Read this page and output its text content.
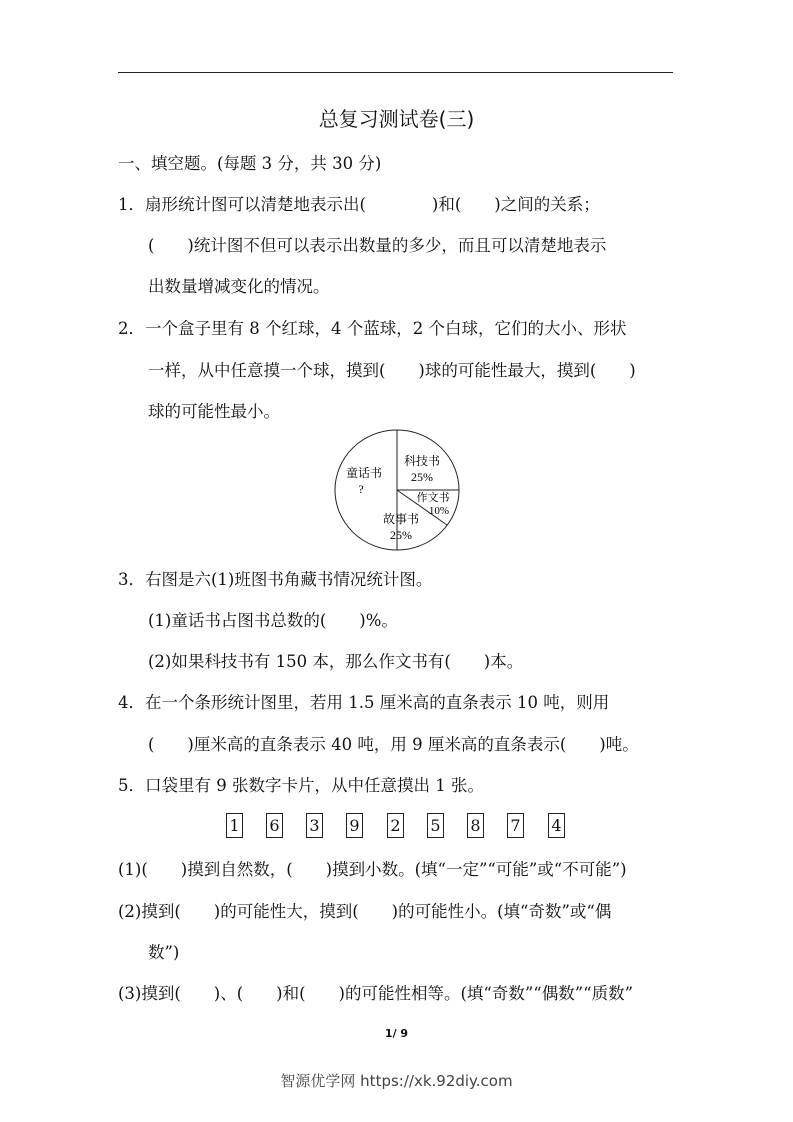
总复习测试卷(三)
一、填空题。(每题 3 分，共 30 分)
1．扇形统计图可以清楚地表示出(　　　　)和(　　)之间的关系；
(　　)统计图不但可以表示出数量的多少，而且可以清楚地表示
出数量增减变化的情况。
2．一个盒子里有 8 个红球，4 个蓝球，2 个白球，它们的大小、形状
一样，从中任意摸一个球，摸到(　　)球的可能性最大，摸到(　　)
球的可能性最小。
科技书
25%
作文书
10%
故事书
25%
童话书
?
3．右图是六(1)班图书角藏书情况统计图。
(1)童话书占图书总数的(　　)%。
(2)如果科技书有 150 本，那么作文书有(　　)本。
4．在一个条形统计图里，若用 1.5 厘米高的直条表示 10 吨，则用
(　　)厘米高的直条表示 40 吨，用 9 厘米高的直条表示(　　)吨。
5．口袋里有 9 张数字卡片，从中任意摸出 1 张。
1 6 3 9 2 5 8 7 4
(1)(　　)摸到自然数，(　　)摸到小数。(填“一定”“可能”或“不可能”)
(2)摸到(　　)的可能性大，摸到(　　)的可能性小。(填“奇数”或“偶
数”)
(3)摸到(　　)、(　　)和(　　)的可能性相等。(填“奇数”“偶数”“质数”
1/ 9
智源优学网 https://xk.92diy.com
